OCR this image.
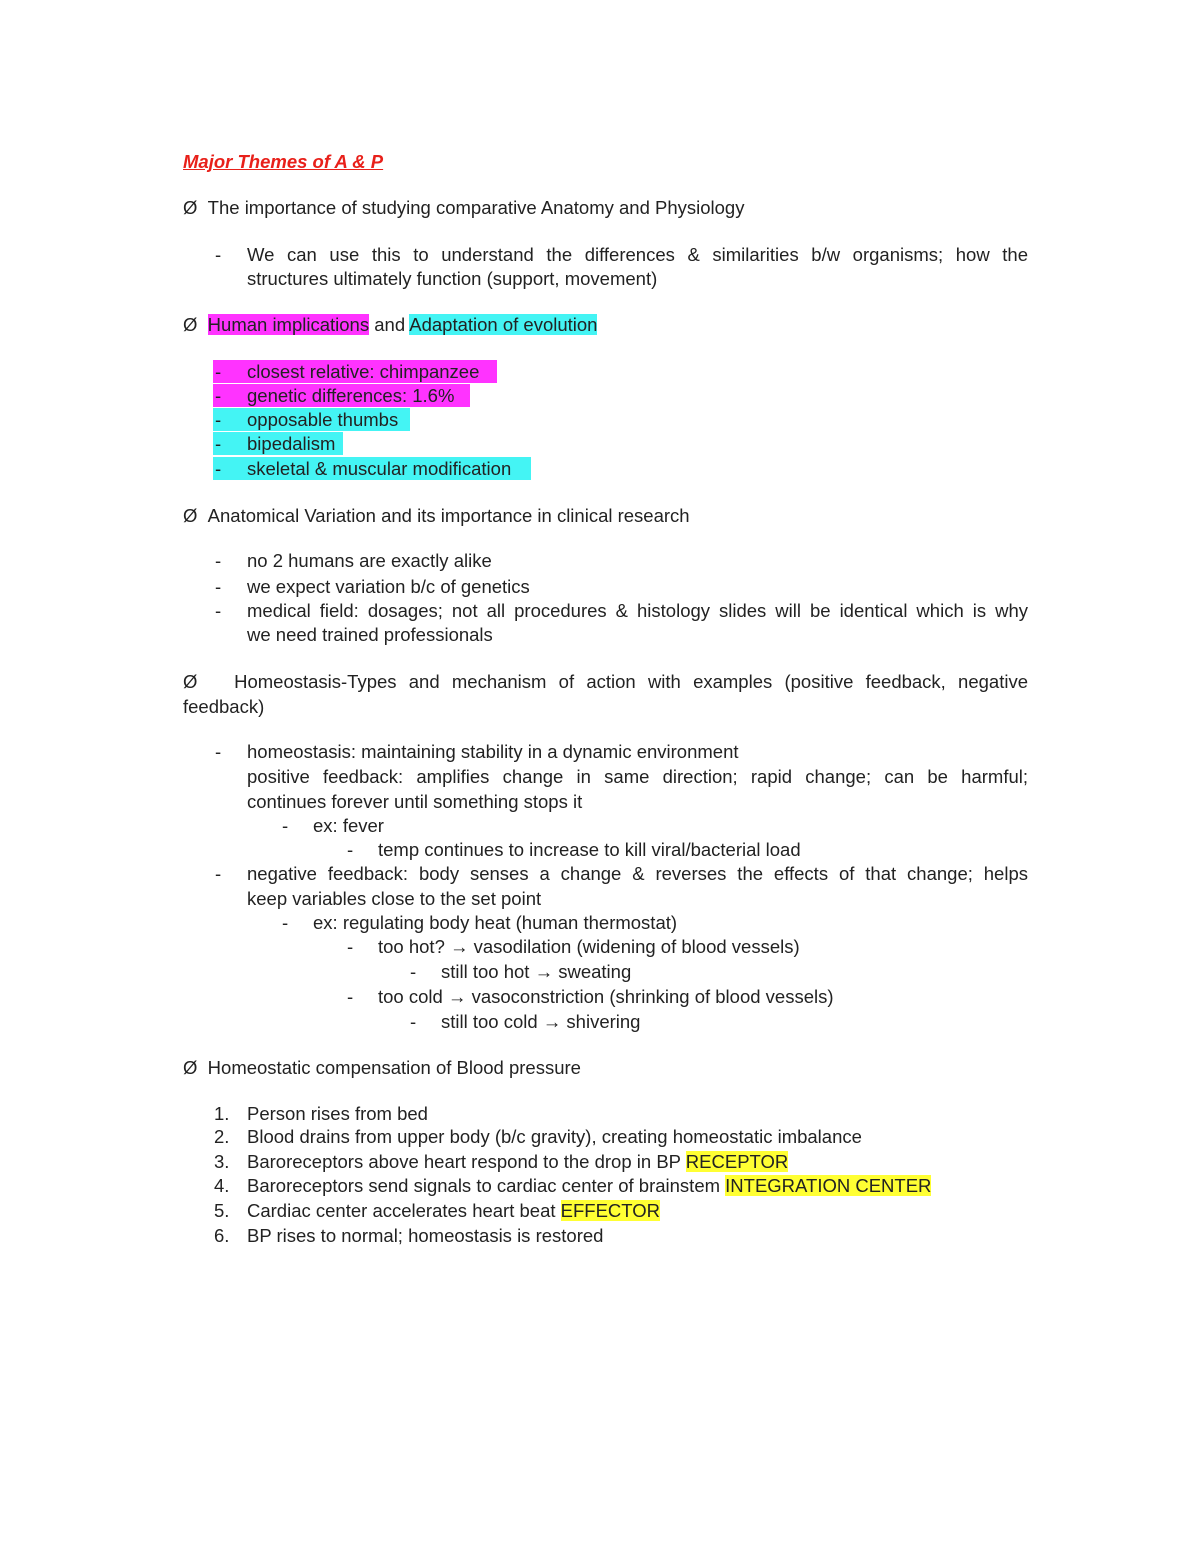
Major Themes of A & P
Ø The importance of studying comparative Anatomy and Physiology
- We can use this to understand the differences & similarities b/w organisms; how the
structures ultimately function (support, movement)
Ø Human implications and Adaptation of evolution
- closest relative: chimpanzee
- genetic differences: 1.6%
- opposable thumbs
- bipedalism
- skeletal & muscular modification
Ø Anatomical Variation and its importance in clinical research
- no 2 humans are exactly alike
- we expect variation b/c of genetics
- medical field: dosages; not all procedures & histology slides will be identical which is why
we need trained professionals
Ø Homeostasis-Types and mechanism of action with examples (positive feedback, negative
feedback)
- homeostasis: maintaining stability in a dynamic environment
positive feedback: amplifies change in same direction; rapid change; can be harmful;
continues forever until something stops it
- ex: fever
- temp continues to increase to kill viral/bacterial load
- negative feedback: body senses a change & reverses the effects of that change; helps
keep variables close to the set point
- ex: regulating body heat (human thermostat)
- too hot? → vasodilation (widening of blood vessels)
- still too hot → sweating
- too cold → vasoconstriction (shrinking of blood vessels)
- still too cold → shivering
Ø Homeostatic compensation of Blood pressure
1. Person rises from bed
2. Blood drains from upper body (b/c gravity), creating homeostatic imbalance
3. Baroreceptors above heart respond to the drop in BP RECEPTOR
4. Baroreceptors send signals to cardiac center of brainstem INTEGRATION CENTER
5. Cardiac center accelerates heart beat EFFECTOR
6. BP rises to normal; homeostasis is restored
